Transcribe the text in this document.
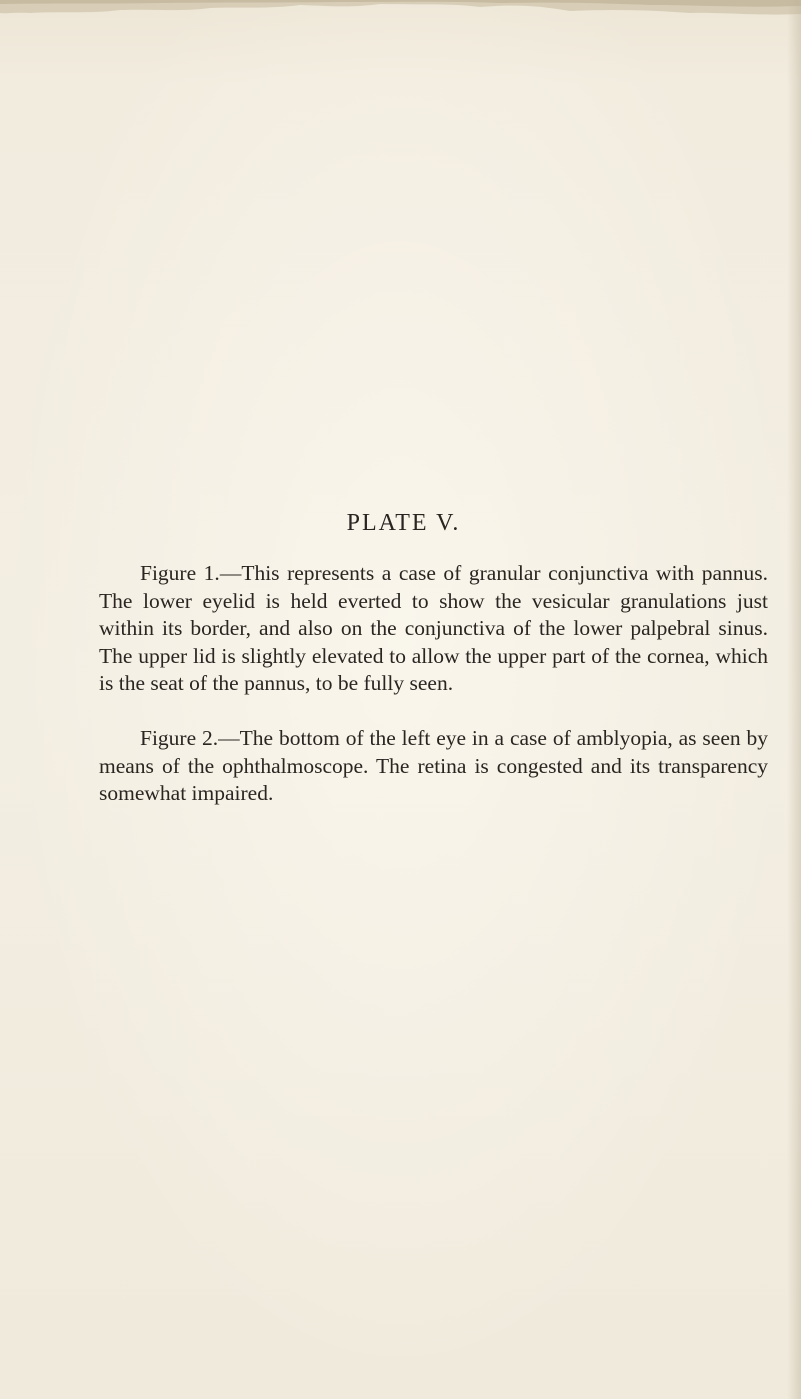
PLATE V.

Figure 1.—This represents a case of granular conjunctiva with pannus. The lower eyelid is held everted to show the vesicular granulations just within its border, and also on the conjunctiva of the lower palpebral sinus. The upper lid is slightly elevated to allow the upper part of the cornea, which is the seat of the pannus, to be fully seen.

Figure 2.—The bottom of the left eye in a case of amblyopia, as seen by means of the ophthalmoscope. The retina is congested and its transparency somewhat impaired.
